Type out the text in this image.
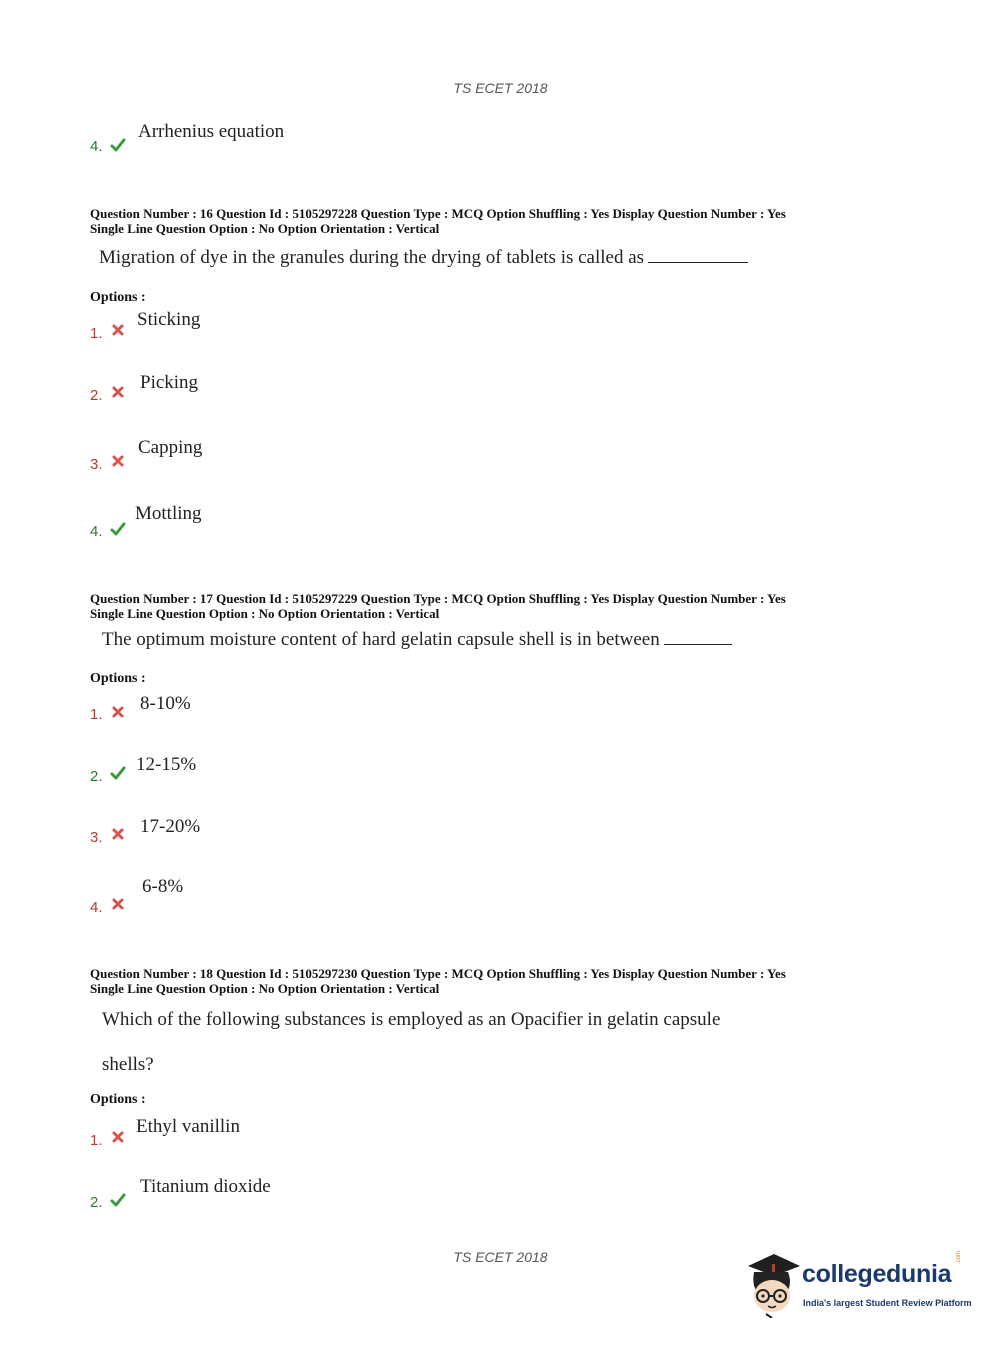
TS ECET 2018
4.
Arrhenius equation
Question Number : 16 Question Id : 5105297228 Question Type : MCQ Option Shuffling : Yes Display Question Number : Yes
Single Line Question Option : No Option Orientation : Vertical
Migration of dye in the granules during the drying of tablets is called as
Options :
1.
Sticking
2.
Picking
3.
Capping
4.
Mottling
Question Number : 17 Question Id : 5105297229 Question Type : MCQ Option Shuffling : Yes Display Question Number : Yes
Single Line Question Option : No Option Orientation : Vertical
The optimum moisture content of hard gelatin capsule shell is in between
Options :
1.
8-10%
2.
12-15%
3.
17-20%
4.
6-8%
Question Number : 18 Question Id : 5105297230 Question Type : MCQ Option Shuffling : Yes Display Question Number : Yes
Single Line Question Option : No Option Orientation : Vertical
Which of the following substances is employed as an Opacifier in gelatin capsule
shells?
Options :
1.
Ethyl vanillin
2.
Titanium dioxide
TS ECET 2018
collegedunia
.com
India's largest Student Review Platform
